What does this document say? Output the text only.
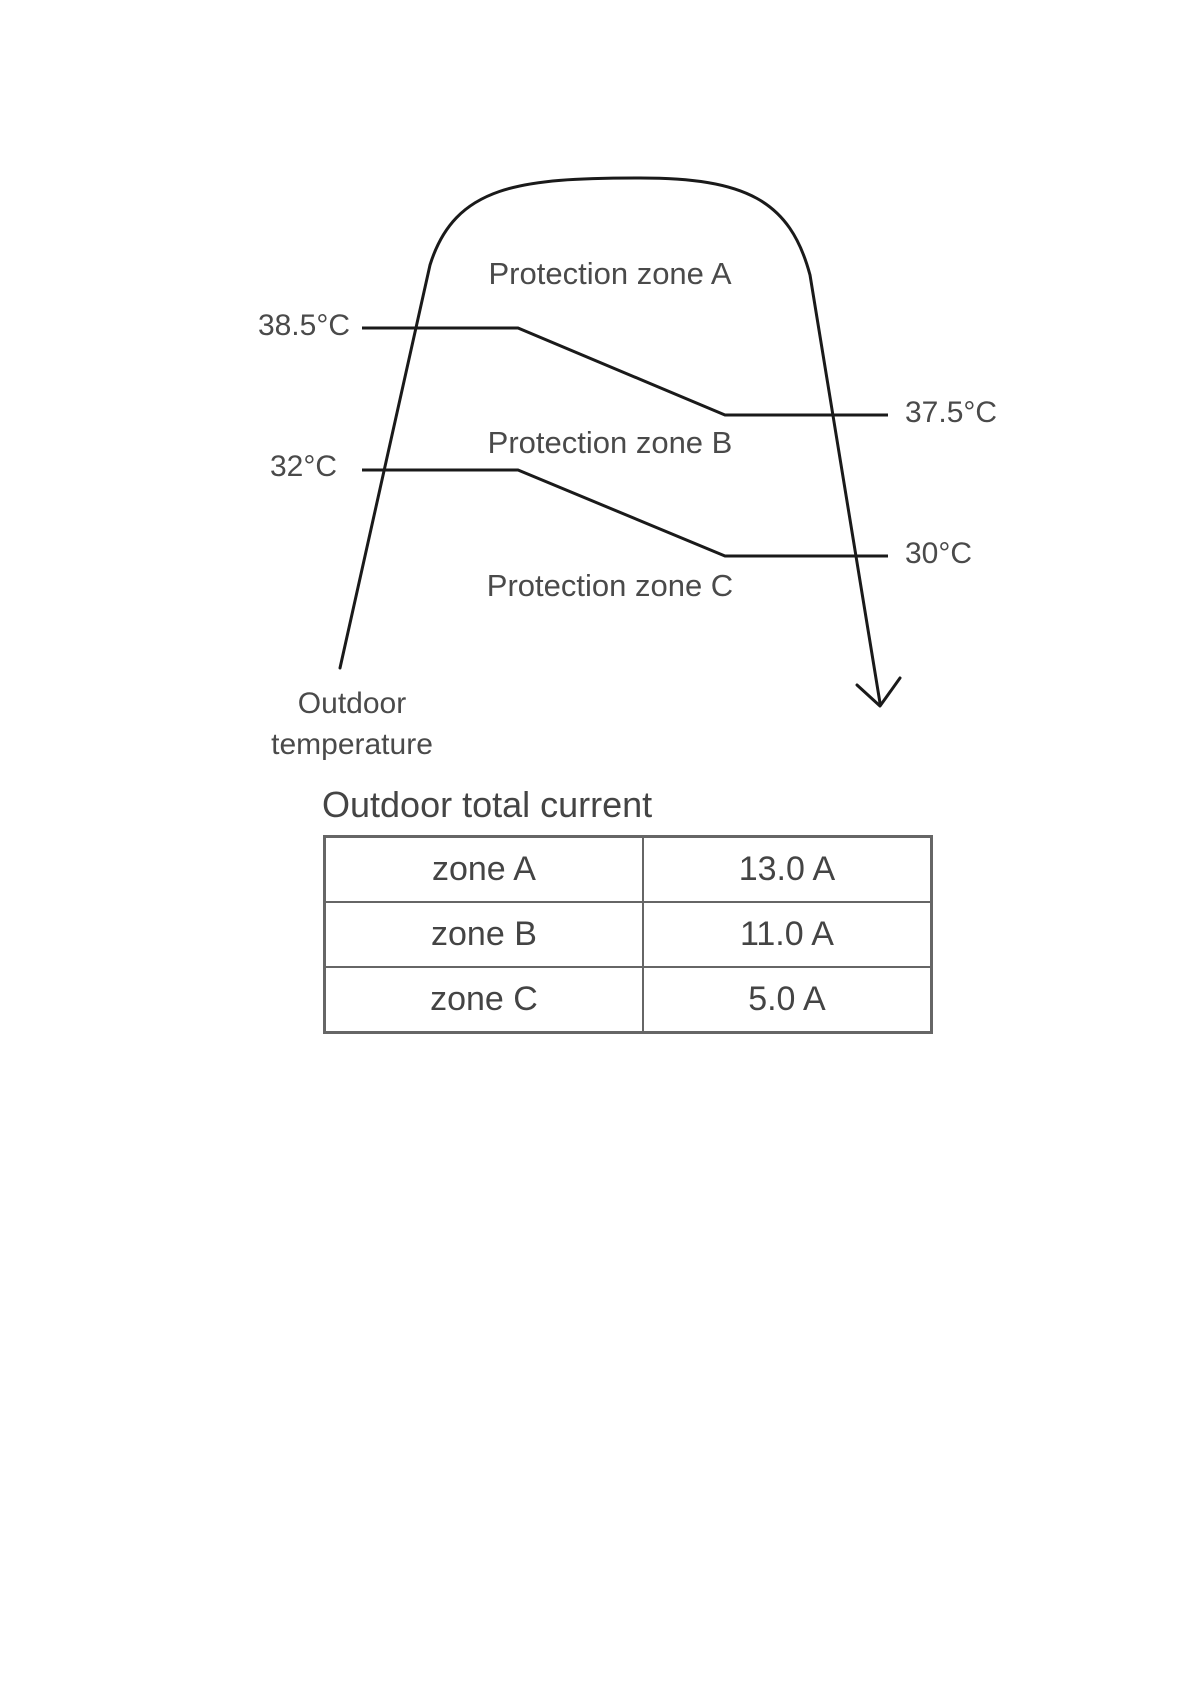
Protection zone A
Protection zone B
Protection zone C
38.5°C
37.5°C
32°C
30°C
Outdoor
temperature
Outdoor total current
zone A	13.0 A
zone B	11.0 A
zone C	5.0 A
